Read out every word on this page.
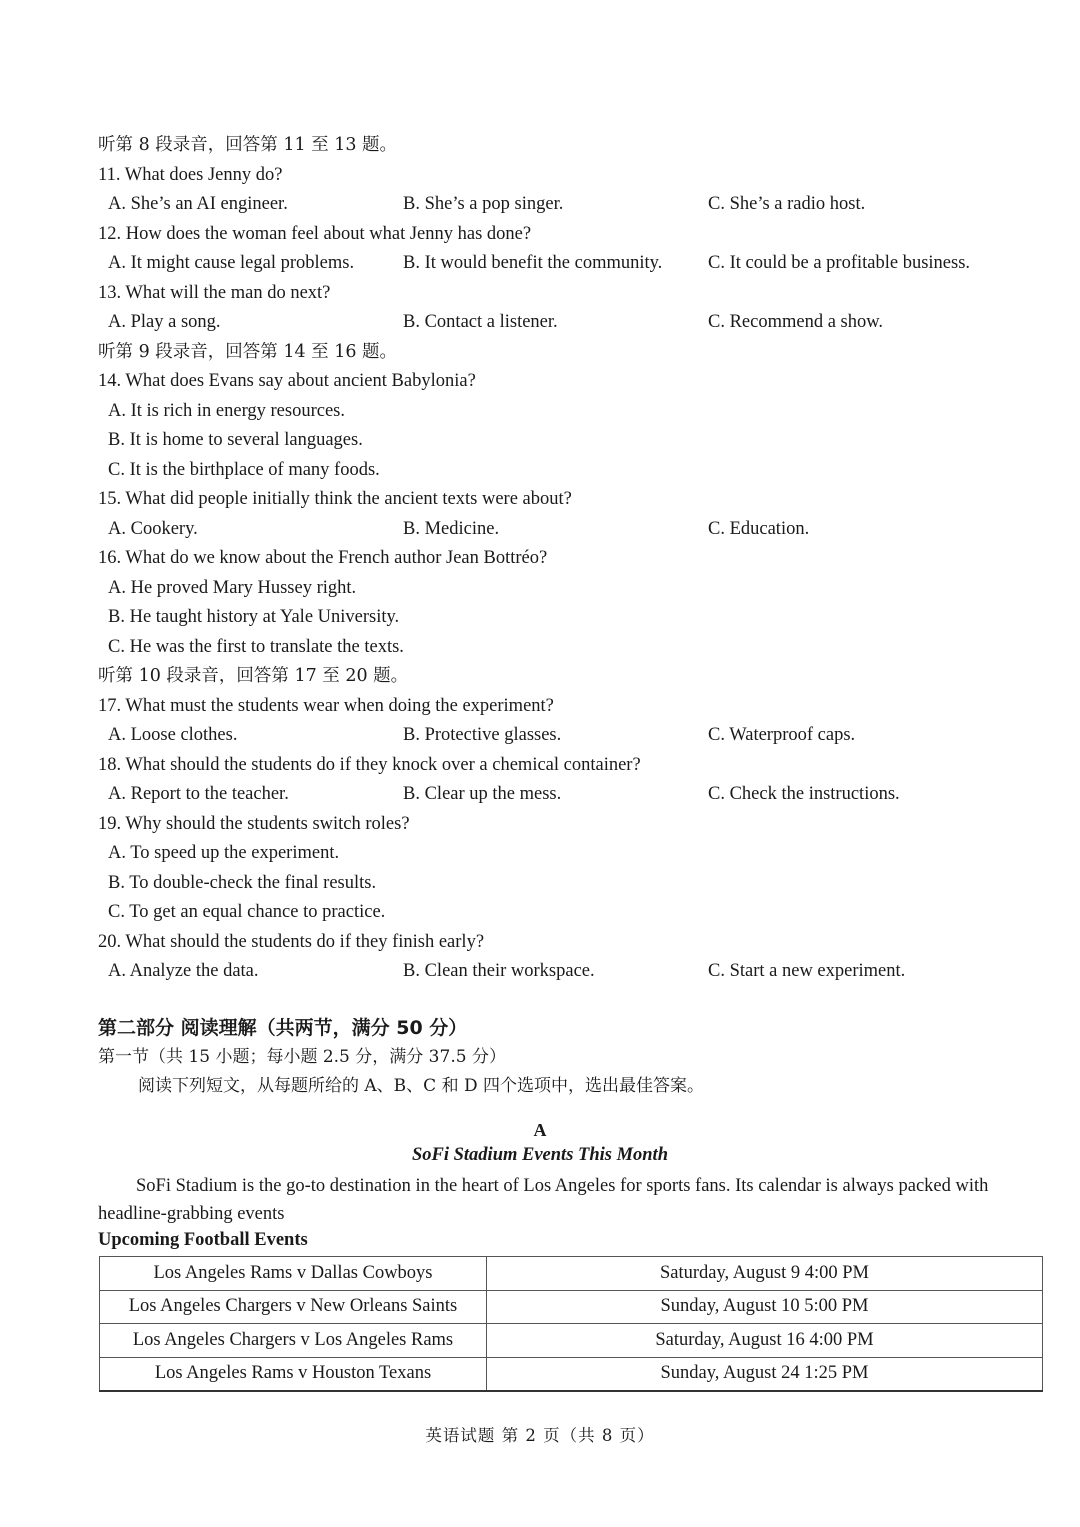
听第 8 段录音，回答第 11 至 13 题。
11. What does Jenny do?
A. She’s an AI engineer.	B. She’s a pop singer.	C. She’s a radio host.
12. How does the woman feel about what Jenny has done?
A. It might cause legal problems.	B. It would benefit the community. C. It could be a profitable business.
13. What will the man do next?
A. Play a song.	B. Contact a listener.	C. Recommend a show.
听第 9 段录音，回答第 14 至 16 题。
14. What does Evans say about ancient Babylonia?
A. It is rich in energy resources.
B. It is home to several languages.
C. It is the birthplace of many foods.
15. What did people initially think the ancient texts were about?
A. Cookery.	B. Medicine.	C. Education.
16. What do we know about the French author Jean Bottréo?
A. He proved Mary Hussey right.
B. He taught history at Yale University.
C. He was the first to translate the texts.
听第 10 段录音，回答第 17 至 20 题。
17. What must the students wear when doing the experiment?
A. Loose clothes.	B. Protective glasses.	C. Waterproof caps.
18. What should the students do if they knock over a chemical container?
A. Report to the teacher.	B. Clear up the mess.	C. Check the instructions.
19. Why should the students switch roles?
A. To speed up the experiment.
B. To double-check the final results.
C. To get an equal chance to practice.
20. What should the students do if they finish early?
A. Analyze the data.	B. Clean their workspace.	C. Start a new experiment.
第二部分 阅读理解（共两节，满分 50 分）
第一节（共 15 小题；每小题 2.5 分，满分 37.5 分）
阅读下列短文，从每题所给的 A、B、C 和 D 四个选项中，选出最佳答案。
A
SoFi Stadium Events This Month
SoFi Stadium is the go-to destination in the heart of Los Angeles for sports fans. Its calendar is always packed with headline-grabbing events
Upcoming Football Events
Los Angeles Rams v Dallas Cowboys	Saturday, August 9 4:00 PM
Los Angeles Chargers v New Orleans Saints	Sunday, August 10 5:00 PM
Los Angeles Chargers v Los Angeles Rams	Saturday, August 16 4:00 PM
Los Angeles Rams v Houston Texans	Sunday, August 24 1:25 PM
英语试题 第 2 页（共 8 页）
